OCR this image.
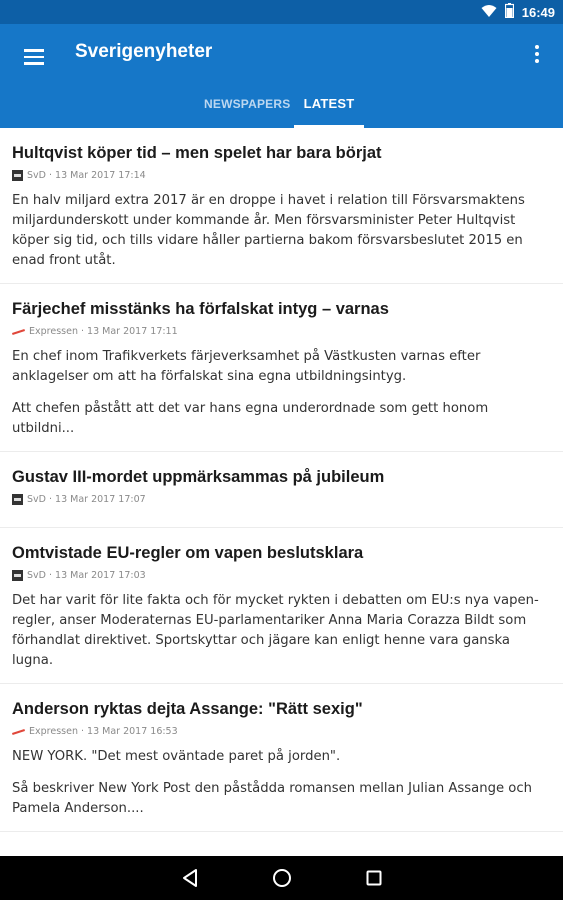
16:49
Sverigenyheter
NEWSPAPERS	LATEST

Hultqvist köper tid – men spelet har bara börjat

SvD · 13 Mar 2017 17:14

En halv miljard extra 2017 är en droppe i havet i relation till Försvarsmaktens miljardunderskott under kommande år. Men försvarsminister Peter Hultqvist köper sig tid, och tills vidare håller partierna bakom försvarsbeslutet 2015 en enad front utåt.

Färjechef misstänks ha förfalskat intyg – varnas

Expressen · 13 Mar 2017 17:11

En chef inom Trafikverkets färjeverksamhet på Västkusten varnas efter anklagelser om att ha förfalskat sina egna utbildningsintyg.

Att chefen påstått att det var hans egna underordnade som gett honom utbildni...

Gustav III-mordet uppmärksammas på jubileum

SvD · 13 Mar 2017 17:07

Omtvistade EU-regler om vapen beslutsklara

SvD · 13 Mar 2017 17:03

Det har varit för lite fakta och för mycket rykten i debatten om EU:s nya vapen-regler, anser Moderaternas EU-parlamentariker Anna Maria Corazza Bildt som förhandlat direktivet. Sportskyttar och jägare kan enligt henne vara ganska lugna.

Anderson ryktas dejta Assange: "Rätt sexig"

Expressen · 13 Mar 2017 16:53

NEW YORK. "Det mest oväntade paret på jorden".

Så beskriver New York Post den påstådda romansen mellan Julian Assange och Pamela Anderson....
